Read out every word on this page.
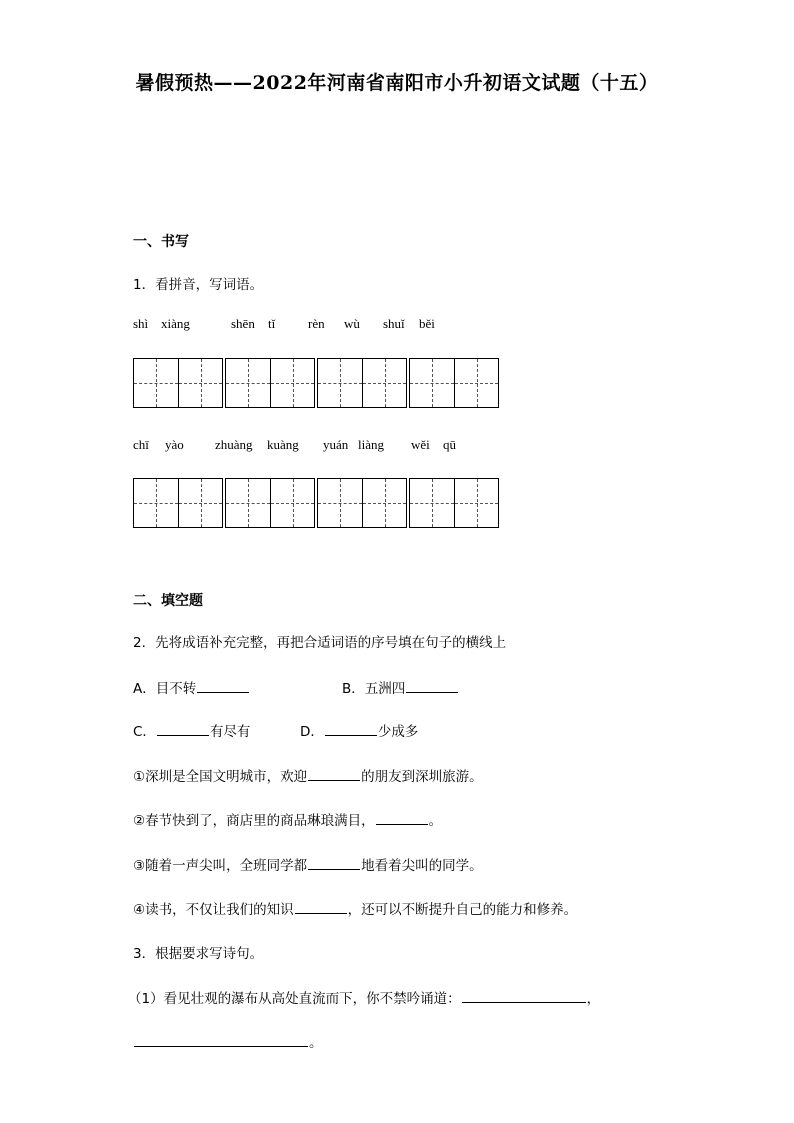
暑假预热——2022年河南省南阳市小升初语文试题（十五）
一、书写
1．看拼音，写词语。
shì xiàng	shēn tǐ	rèn wù shuǐ běi
chī yào zhuàng kuàng yuán liàng wěi qū
二、填空题
2．先将成语补充完整，再把合适词语的序号填在句子的横线上
A．目不转	B．五洲四
C．	有尽有	D．	少成多
①深圳是全国文明城市，欢迎	的朋友到深圳旅游。
②春节快到了，商店里的商品琳琅满目，	。
③随着一声尖叫，全班同学都	地看着尖叫的同学。
④读书，不仅让我们的知识	，还可以不断提升自己的能力和修养。
3．根据要求写诗句。
（1）看见壮观的瀑布从高处直流而下，你不禁吟诵道：	，
。
